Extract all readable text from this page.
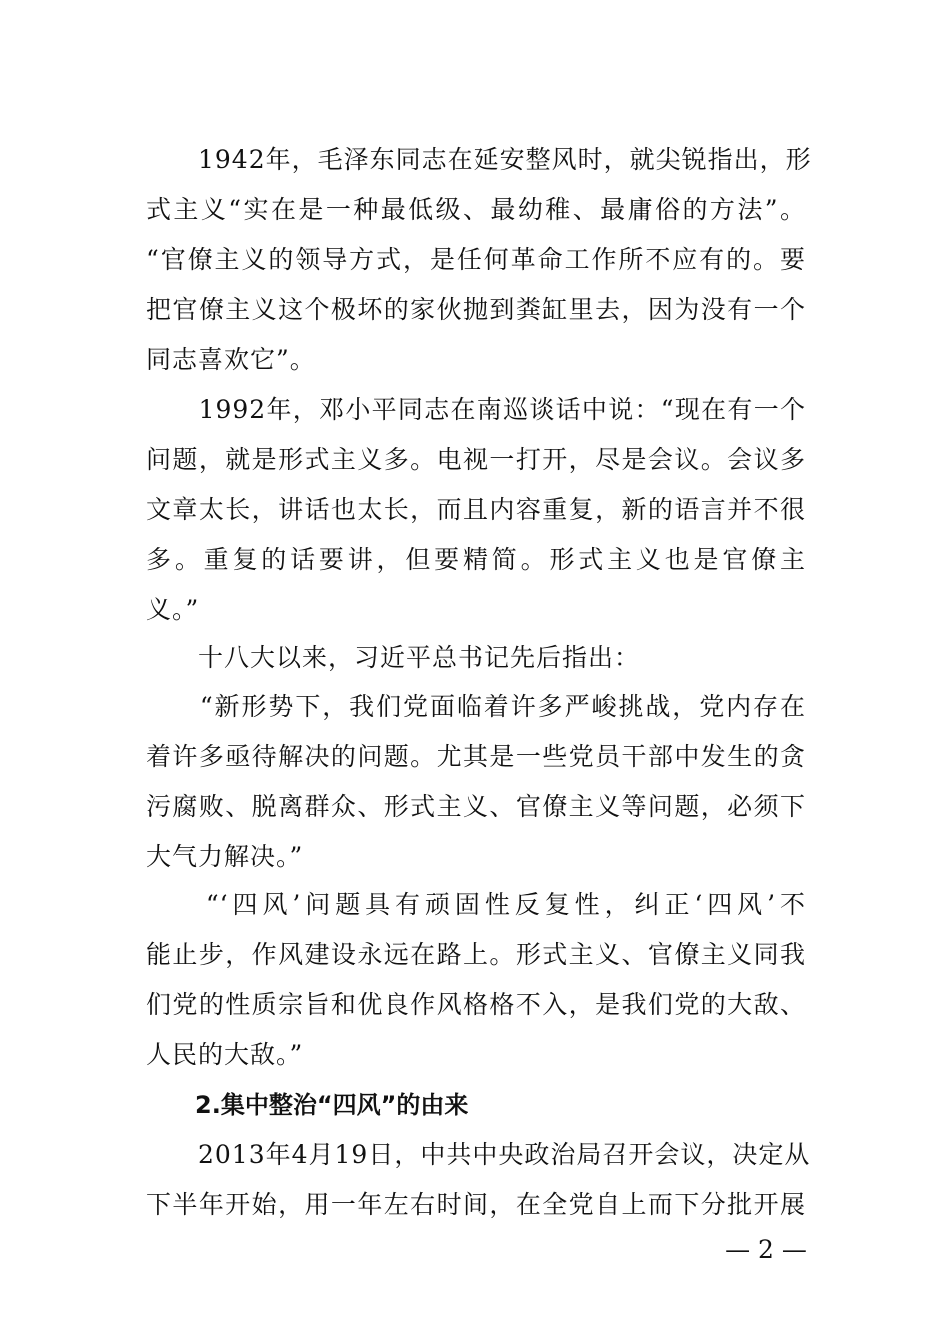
　　1942年，毛泽东同志在延安整风时，就尖锐指出，形
式主义“实在是一种最低级、最幼稚、最庸俗的方法”。
“官僚主义的领导方式，是任何革命工作所不应有的。要
把官僚主义这个极坏的家伙抛到粪缸里去，因为没有一个
同志喜欢它”。
　　1992年，邓小平同志在南巡谈话中说：“现在有一个
问题，就是形式主义多。电视一打开，尽是会议。会议多
文章太长，讲话也太长，而且内容重复，新的语言并不很
多。重复的话要讲，但要精简。形式主义也是官僚主
义。”
　　十八大以来，习近平总书记先后指出：
　　“新形势下，我们党面临着许多严峻挑战，党内存在
着许多亟待解决的问题。尤其是一些党员干部中发生的贪
污腐败、脱离群众、形式主义、官僚主义等问题，必须下
大气力解决。”
　　“‘四风’问题具有顽固性反复性，纠正‘四风’不
能止步，作风建设永远在路上。形式主义、官僚主义同我
们党的性质宗旨和优良作风格格不入，是我们党的大敌、
人民的大敌。”
2.集中整治“四风”的由来
　　2013年4月19日，中共中央政治局召开会议，决定从
下半年开始，用一年左右时间，在全党自上而下分批开展
— 2 —
